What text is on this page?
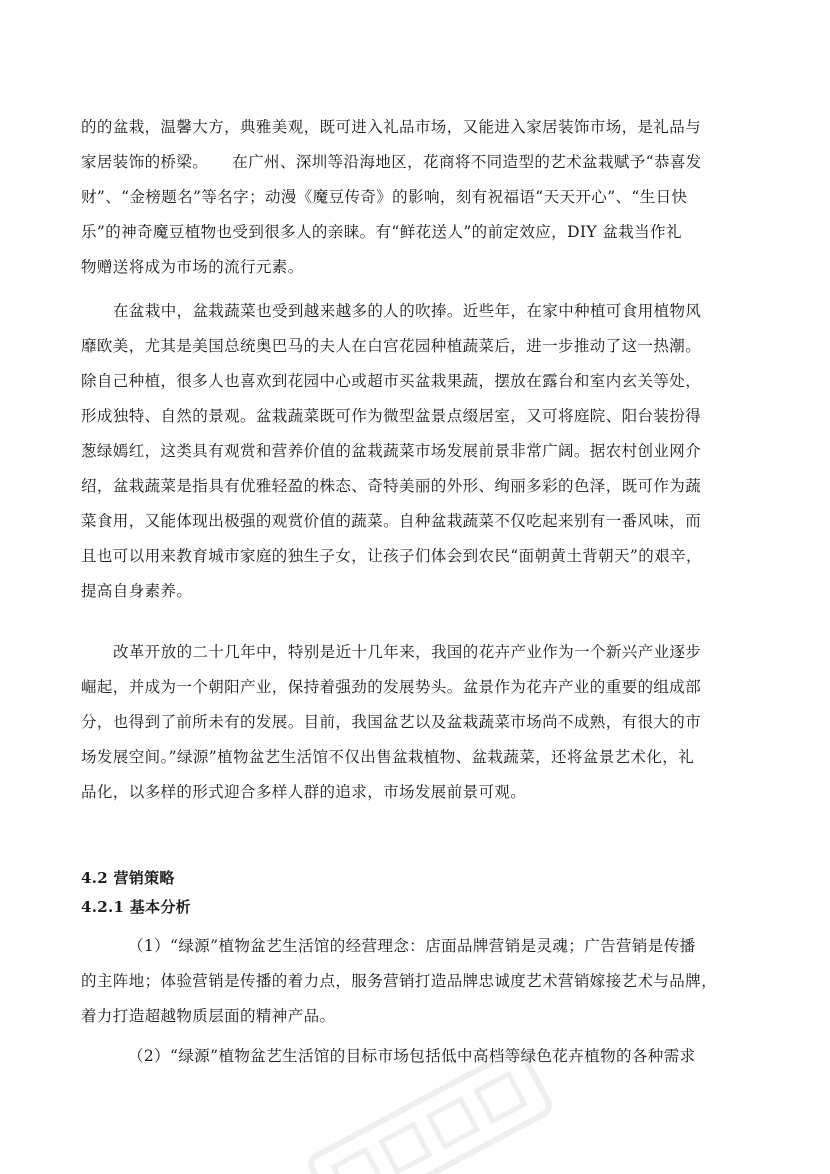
的的盆栽，温馨大方，典雅美观，既可进入礼品市场，又能进入家居装饰市场，是礼品与
家居装饰的桥梁。　　在广州、深圳等沿海地区，花商将不同造型的艺术盆栽赋予“恭喜发
财”、“金榜题名”等名字；动漫《魔豆传奇》的影响，刻有祝福语“天天开心”、“生日快
乐”的神奇魔豆植物也受到很多人的亲睐。有“鲜花送人”的前定效应，DIY 盆栽当作礼
物赠送将成为市场的流行元素。
在盆栽中，盆栽蔬菜也受到越来越多的人的吹捧。近些年，在家中种植可食用植物风
靡欧美，尤其是美国总统奥巴马的夫人在白宫花园种植蔬菜后，进一步推动了这一热潮。
除自己种植，很多人也喜欢到花园中心或超市买盆栽果蔬，摆放在露台和室内玄关等处，
形成独特、自然的景观。盆栽蔬菜既可作为微型盆景点缀居室，又可将庭院、阳台装扮得
葱绿嫣红，这类具有观赏和营养价值的盆栽蔬菜市场发展前景非常广阔。据农村创业网介
绍，盆栽蔬菜是指具有优雅轻盈的株态、奇特美丽的外形、绚丽多彩的色泽，既可作为蔬
菜食用，又能体现出极强的观赏价值的蔬菜。自种盆栽蔬菜不仅吃起来别有一番风味，而
且也可以用来教育城市家庭的独生子女，让孩子们体会到农民“面朝黄土背朝天”的艰辛，
提高自身素养。
改革开放的二十几年中，特别是近十几年来，我国的花卉产业作为一个新兴产业逐步
崛起，并成为一个朝阳产业，保持着强劲的发展势头。盆景作为花卉产业的重要的组成部
分，也得到了前所未有的发展。目前，我国盆艺以及盆栽蔬菜市场尚不成熟，有很大的市
场发展空间。”绿源”植物盆艺生活馆不仅出售盆栽植物、盆栽蔬菜，还将盆景艺术化，礼
品化，以多样的形式迎合多样人群的追求，市场发展前景可观。
4.2 营销策略
4.2.1 基本分析
（1）“绿源”植物盆艺生活馆的经营理念：店面品牌营销是灵魂；广告营销是传播
的主阵地；体验营销是传播的着力点，服务营销打造品牌忠诚度艺术营销嫁接艺术与品牌，
着力打造超越物质层面的精神产品。
（2）“绿源”植物盆艺生活馆的目标市场包括低中高档等绿色花卉植物的各种需求
